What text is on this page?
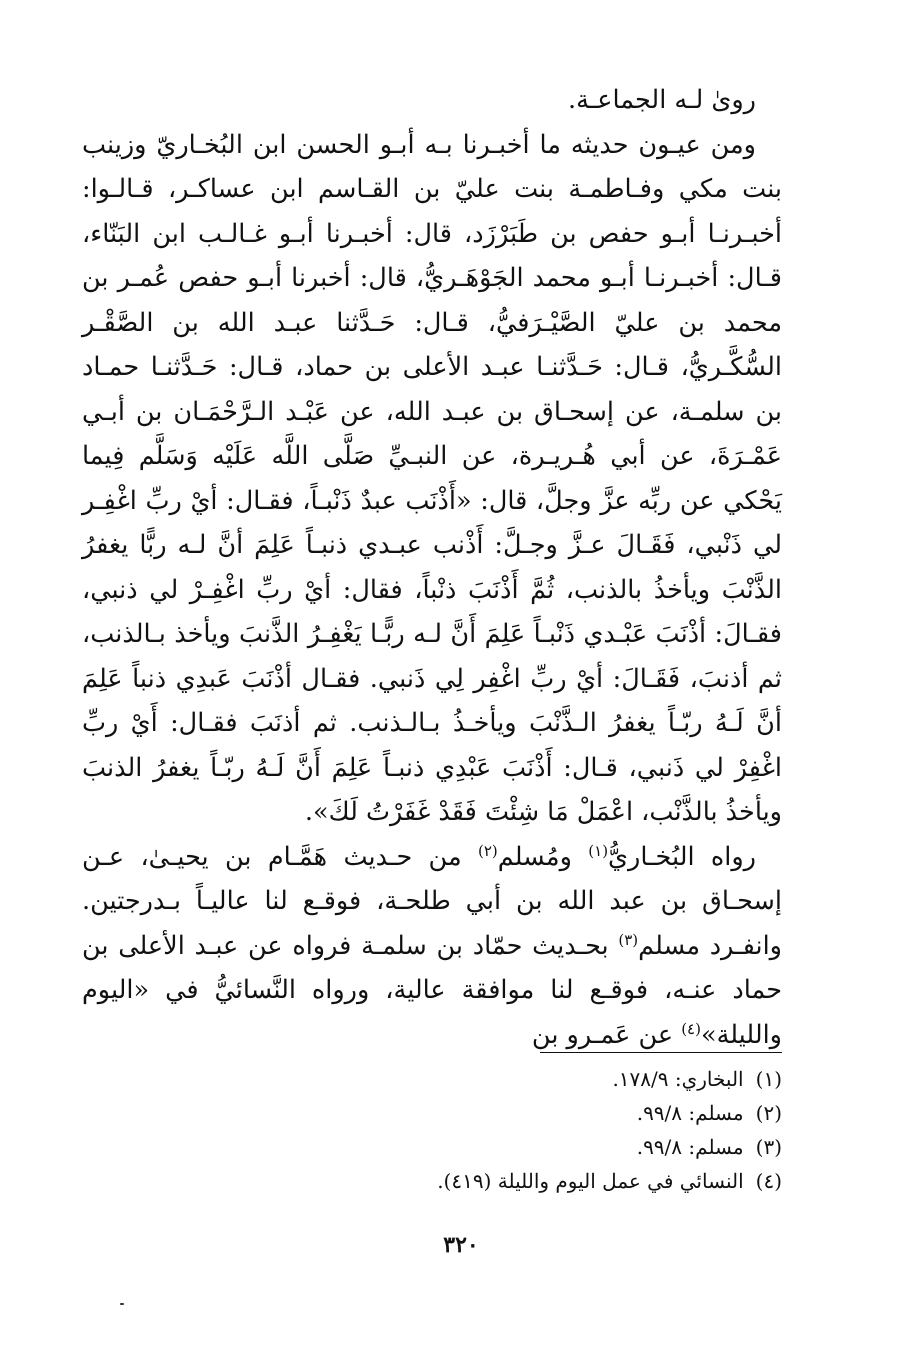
رویٰ لـه الجماعـة.

ومن عيـون حديثه ما أخبـرنا بـه أبـو الحسن ابن البُخـاريّ وزينب بنت مكي وفـاطمـة بنت عليّ بن القـاسم ابن عساكـر، قـالـوا: أخبـرنـا أبـو حفص بن طَبَرْزَد، قال: أخبـرنا أبـو غـالـب ابن البَنّاء، قـال: أخبـرنـا أبـو محمد الجَوْهَـريُّ، قال: أخبرنا أبـو حفص عُمـر بن محمد بن عليّ الصَّيْـرَفيُّ، قـال: حَـدَّثنا عبـد الله بن الصَّقْـر السُّكَّـريُّ، قـال: حَـدَّثنـا عبـد الأعلى بن حماد، قـال: حَـدَّثنـا حمـاد بن سلمـة، عن إسحـاق بن عبـد الله، عن عَبْـد الـرَّحْمَـان بن أبـي عَمْـرَةَ، عن أبي هُـريـرة، عن النبـيِّ صَلَّى اللَّه عَلَيْه وَسَلَّم فِيما يَحْكي عن ربِّه عزَّ وجلَّ، قال: «أَذْنَب عبدٌ ذَنْبـاً، فقـال: أيْ ربِّ اغْفِـر لي ذَنْبي، فَقَـالَ عـزَّ وجـلَّ: أَذْنب عبـدي ذنبـاً عَلِمَ أنَّ لـه ربًّا يغفرُ الذَّنْبَ ويأخذُ بالذنب، ثُمَّ أَذْنَبَ ذنْباً، فقال: أيْ ربِّ اغْفِـرْ لي ذنبي، فقـالَ: أذْنَبَ عَبْـدي ذَنْبـاً عَلِمَ أَنَّ لـه ربًّـا يَغْفِـرُ الذَّنبَ ويأخذ بـالذنب، ثم أذنبَ، فَقَـالَ: أيْ ربِّ اغْفِر لِي ذَنبي. فقـال أذْنَبَ عَبدِي ذنباً عَلِمَ أنَّ لَـهُ ربّـاً يغفرُ الـذَّنْبَ ويأخـذُ بـالـذنب. ثم أذنَبَ فقـال: أَيْ ربِّ اغْفِرْ لي ذَنبي، قـال: أَذْنَبَ عَبْدِي ذنبـاً عَلِمَ أَنَّ لَـهُ ربّـاً يغفرُ الذنبَ ويأخذُ بالذَّنْب، اعْمَلْ مَا شِئْتَ فَقَدْ غَفَرْتُ لَكَ».

رواه البُخـاريُّ$^{(١)}$ ومُسلم$^{(٢)}$ من حـديث هَمَّـام بن يحيـیٰ، عـن إسحـاق بن عبد الله بن أبي طلحـة، فوقـع لنا عاليـاً بـدرجتين. وانفـرد مسلم$^{(٣)}$ بحـديث حمّاد بن سلمـة فرواه عن عبـد الأعلى بن حماد عنـه، فوقـع لنا موافقة عالية، ورواه النَّسائيُّ في «اليوم والليلة»$^{(٤)}$ عن عَمـرو بن

(١)البخاري: ١٧٨/٩.
(٢)مسلم: ٩٩/٨.
(٣)مسلم: ٩٩/٨.
(٤)النسائي في عمل اليوم والليلة (٤١٩).
٣٢٠
